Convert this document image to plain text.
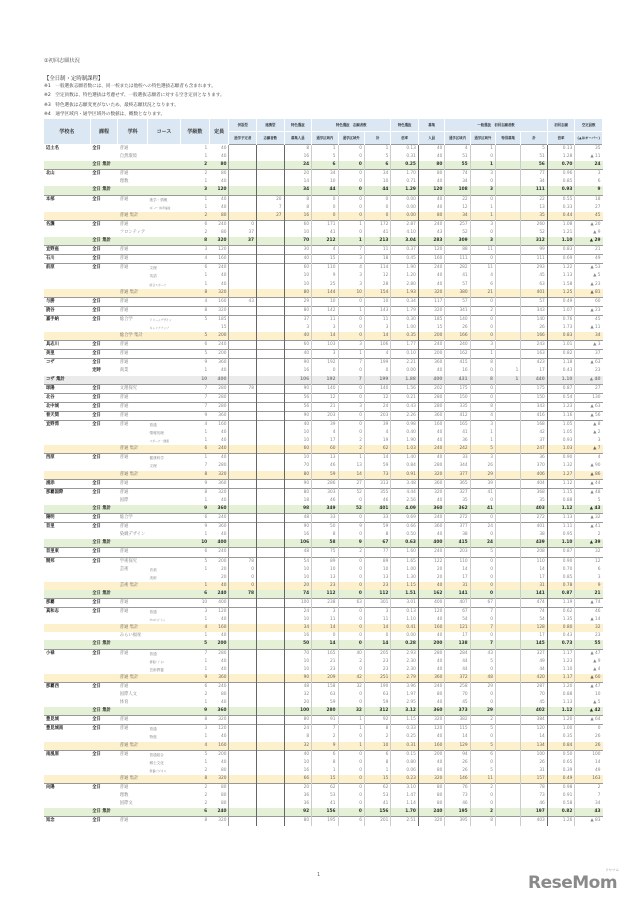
①初回志願状況
【全日制・定時制課程】
※1　一般選抜志願者数には、同一校または他校への特色選抜志願者も含まれます。
※2　空定員数は、特色選抜は考慮せず、一般選抜志願者に対する空き定員となります。
※3　特色選抜は志願変更がないため、最終志願状況となります。
※4　通学区域内・通学区域外の数値は、概数となります。
学校名	課程	学科	コース	学級数	定員	併設型	連携型	特色選抜	特色選抜　志願者数			特色選抜	募集	一般選抜　初回志願者数				初回志願	空定員数
						進学予定者	志願者数	募集人員	通学区域内	通学区域外	計	倍率	人員	通学区域内	通学区域外	特別募集	計	倍率	(▲はオーバー)
辺土名	全日	普通		1	40			8	1	0	1	0.13	40	4	1		5	0.13	35
		自然環境		1	40			16	5	0	5	0.31	40	51	0		51	1.28	▲ 11
	全日 集計			2	80			24	6	0	6	0.25	80	55	1		56	0.70	24
北山	全日	普通		2	80			20	34	0	34	1.70	80	74	3		77	0.96	3
		理数		1	40			14	10	0	10	0.71	40	34	0		34	0.85	6
	全日 集計			3	120			34	44	0	44	1.29	120	108	3		111	0.93	9
本部	全日	普通	進学・情報	1	40		20	8	0	0	0	0.00	40	22	0		22	0.55	18
			ｽﾎﾟｰﾂ・体育福祉	1	40		7	8	0	0	0	0.00	40	12	1		13	0.33	27
		普通 集計		2	80		27	16	0	0	0	0.00	80	34	1		35	0.44	45
名護	全日	普通		6	240	0		60	171	1	172	2.87	240	257	3		260	1.08	▲ 20
		フロンティア		2	80	37		10	41	0	41	4.10	43	52	0		52	1.21	▲ 9
	全日 集計			8	320	37		70	212	1	213	3.04	283	309	3		312	1.10	▲ 29
宜野座	全日	普通		3	120			30	4	7	11	0.37	120	88	11		99	0.83	21
石川	全日	普通		4	160			40	15	3	18	0.45	160	111	0		111	0.69	49
前原	全日	普通	文理	6	240			60	110	4	114	1.90	240	282	11		293	1.22	▲ 53
			英語	1	40			10	9	3	12	1.20	40	41	4		45	1.13	▲ 5
			総合スポーツ	1	40			10	25	3	28	2.80	40	57	6		63	1.58	▲ 23
		普通 集計		8	320			80	144	10	154	1.93	320	380	21		401	1.25	▲ 81
与勝	全日	普通		4	160	43		29	10	0	10	0.34	117	57	0		57	0.49	60
読谷	全日	普通		8	320			80	142	1	143	1.79	320	341	2		343	1.07	▲ 23
嘉手納	全日	総合学	ドリームデザイン	5	185			37	11	0	11	0.30	185	140	0		140	0.76	45
			キャリアアップ		15			3	3	0	3	1.00	15	26	0		26	1.73	▲ 11
		総合学 集計		5	200			40	14	0	14	0.35	200	166	0		166	0.83	34
具志川	全日	普通		6	240			60	103	3	106	1.77	240	240	3		243	1.01	▲ 3
美里	全日	普通		5	200			40	3	1	4	0.10	200	162	1		163	0.82	37
コザ	全日	普通		9	360			90	192	7	199	2.21	360	415	8		423	1.18	▲ 63
	定時	商業		1	40			16	0	0	0	0.00	40	16	0	1	17	0.43	23
コザ 集計				10	400			106	192	7	199	1.88	400	431	8	1	440	1.10	▲ 40
球陽	全日	文理探究		7	280	78		90	140	0	140	1.56	202	175	0		175	0.87	27
北谷	全日	普通		7	280			56	12	0	12	0.21	280	150	0		150	0.54	130
北中城	全日	普通		7	280			56	21	3	24	0.43	280	335	8		343	1.23	▲ 63
普天間	全日	普通		9	360			90	203	0	203	2.26	360	412	4		416	1.16	▲ 56
宜野湾	全日	普通	普通	4	160			40	39	0	39	0.98	160	165	3		168	1.05	▲ 8
			情報処理	1	40			10	4	0	4	0.40	40	41	1		42	1.05	▲ 2
			スポーツ・健康	1	40			10	17	2	19	1.90	40	36	1		37	0.93	3
		普通 集計		6	240			60	60	2	62	1.03	240	242	5		247	1.03	▲ 7
西原	全日	普通	健康科学	1	40			10	13	1	14	1.40	40	33	3		36	0.90	4
			文理	7	280			70	46	13	59	0.84	280	344	26		370	1.32	▲ 90
		普通 集計		8	320			80	59	14	73	0.91	320	377	29		406	1.27	▲ 86
浦添	全日	普通		9	360			90	286	27	313	3.48	360	365	39		404	1.12	▲ 44
那覇国際	全日	普通		8	320			80	303	52	355	4.44	320	327	41		368	1.15	▲ 48
		国際		1	40			18	46	0	46	2.56	40	35	0		35	0.88	5
	全日 集計			9	360			98	349	52	401	4.09	360	362	41		403	1.12	▲ 43
陽明	全日	総合学		6	240			48	33	0	33	0.69	240	272	0		272	1.13	▲ 32
首里	全日	普通		9	360			90	50	9	59	0.66	360	377	24		401	1.11	▲ 41
		染織デザイン		1	40			16	8	0	8	0.50	40	38	0		38	0.95	2
	全日 集計			10	400			106	58	9	67	0.63	400	415	24		439	1.10	▲ 39
首里東	全日	普通		6	240			48	75	2	77	1.60	240	203	5		208	0.87	32
開邦	全日	学術探究		5	200	78		54	89	0	89	1.65	122	110	0		110	0.90	12
		芸術	音楽	1	20	0		10	10	0	10	1.00	20	14	0		14	0.70	6
			美術		20	0		10	13	0	13	1.30	20	17	0		17	0.85	3
		芸術 集計		1	40	0		20	23	0	23	1.15	40	31	0		31	0.78	9
	全日 集計			6	240	78		74	112	0	112	1.51	162	141	0		141	0.87	21
那覇	全日	普通		10	400			100	238	63	301	3.01	400	407	67		474	1.19	▲ 74
真和志	全日	普通	普通	3	120			24	3	0	3	0.13	120	67	7		74	0.62	46
			ｸﾘｴｲﾃｨﾌﾞｱｰﾄ	1	40			10	11	0	11	1.10	40	54	0		54	1.35	▲ 14
		普通 集計		4	160			34	14	0	14	0.41	160	121	7		128	0.80	32
		みらい福祉		1	40			16	0	0	0	0.00	40	17	0		17	0.43	23
	全日 集計			5	200			50	14	0	14	0.28	200	138	7		145	0.73	55
小禄	全日	普通	普通	7	280			70	165	40	205	2.93	280	284	43		327	1.17	▲ 47
			情報ﾋﾞｼﾞﾈｽ	1	40			10	21	2	23	2.30	40	44	5		49	1.23	▲ 9
			芸術教養	1	40			10	23	0	23	2.30	40	44	0		44	1.10	▲ 4
		普通 集計		9	360			90	209	42	251	2.79	360	372	48		420	1.17	▲ 60
那覇西	全日	普通		6	240			48	158	32	190	3.96	240	258	29		287	1.20	▲ 47
		国際人文		2	80			32	63	0	63	1.97	80	70	0		70	0.88	10
		体育		1	40			20	59	0	59	2.95	40	45	0		45	1.13	▲ 5
	全日 集計			9	360			100	280	32	312	3.12	360	373	29		402	1.12	▲ 42
豊見城	全日	普通		8	320			80	91	1	92	1.15	320	382	2		384	1.20	▲ 64
豊見城南	全日	普通	普通	3	120			24	7	1	8	0.33	120	115	5		120	1.00	0
			特進	1	40			8	2	0	2	0.25	40	14	0		14	0.35	26
		普通 集計		4	160			32	9	1	10	0.31	160	129	5		134	0.84	26
南風原	全日	普通	普通総合	5	200			40	6	0	6	0.15	200	94	6		100	0.50	100
			郷土文化	1	40			10	8	0	8	0.80	40	26	0		26	0.65	14
			教養ビジネス	2	80			16	1	0	1	0.06	80	26	5		31	0.39	49
		普通 集計		8	320			66	15	0	15	0.23	320	146	11		157	0.49	163
向陽	全日	普通		2	80			20	62	0	62	3.10	80	76	2		78	0.98	2
		理数		2	80			36	53	0	53	1.47	80	73	0		73	0.91	7
		国際文		2	80			36	41	0	41	1.14	80	46	0		46	0.58	34
	全日 集計			6	240			92	156	0	156	1.70	240	195	2		197	0.82	43
知念	全日	普通		8	320			80	195	6	201	2.51	320	395	8		403	1.26	▲ 83
1	ReseMom
リセマム
